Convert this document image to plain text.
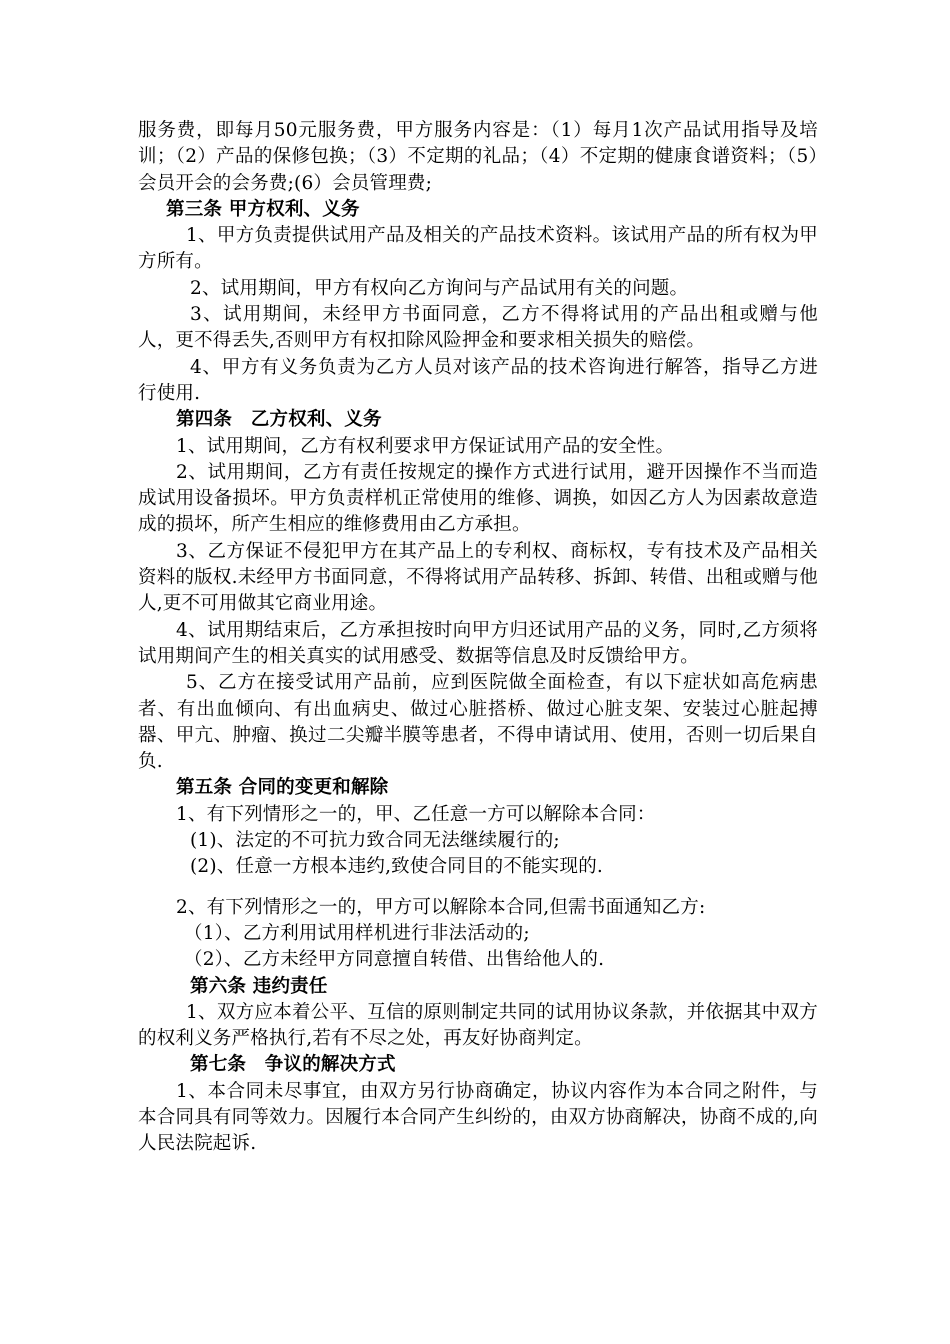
服务费，即每月50元服务费，甲方服务内容是：（1）每月1次产品试用指导及培训；（2）产品的保修包换；（3）不定期的礼品；（4）不定期的健康食谱资料；（5）会员开会的会务费;(6）会员管理费;

第三条 甲方权利、义务

1、甲方负责提供试用产品及相关的产品技术资料。该试用产品的所有权为甲方所有。

2、试用期间，甲方有权向乙方询问与产品试用有关的问题。

3、试用期间，未经甲方书面同意，乙方不得将试用的产品出租或赠与他人，更不得丢失,否则甲方有权扣除风险押金和要求相关损失的赔偿。

4、甲方有义务负责为乙方人员对该产品的技术咨询进行解答，指导乙方进行使用.

第四条　乙方权利、义务

1、试用期间，乙方有权利要求甲方保证试用产品的安全性。

2、试用期间，乙方有责任按规定的操作方式进行试用，避开因操作不当而造成试用设备损坏。甲方负责样机正常使用的维修、调换，如因乙方人为因素故意造成的损坏，所产生相应的维修费用由乙方承担。

3、乙方保证不侵犯甲方在其产品上的专利权、商标权，专有技术及产品相关资料的版权.未经甲方书面同意，不得将试用产品转移、拆卸、转借、出租或赠与他人,更不可用做其它商业用途。

4、试用期结束后，乙方承担按时向甲方归还试用产品的义务，同时,乙方须将试用期间产生的相关真实的试用感受、数据等信息及时反馈给甲方。

5、乙方在接受试用产品前，应到医院做全面检查，有以下症状如高危病患者、有出血倾向、有出血病史、做过心脏搭桥、做过心脏支架、安装过心脏起搏器、甲亢、肿瘤、换过二尖瓣半膜等患者，不得申请试用、使用，否则一切后果自负.

第五条 合同的变更和解除

1、有下列情形之一的，甲、乙任意一方可以解除本合同：

(1)、法定的不可抗力致合同无法继续履行的;

(2)、任意一方根本违约,致使合同目的不能实现的.

2、有下列情形之一的，甲方可以解除本合同,但需书面通知乙方:

（1）、乙方利用试用样机进行非法活动的;

（2）、乙方未经甲方同意擅自转借、出售给他人的.

第六条 违约责任

1、双方应本着公平、互信的原则制定共同的试用协议条款，并依据其中双方的权利义务严格执行,若有不尽之处，再友好协商判定。

第七条　争议的解决方式

1、本合同未尽事宜，由双方另行协商确定，协议内容作为本合同之附件，与本合同具有同等效力。因履行本合同产生纠纷的，由双方协商解决，协商不成的,向人民法院起诉.
